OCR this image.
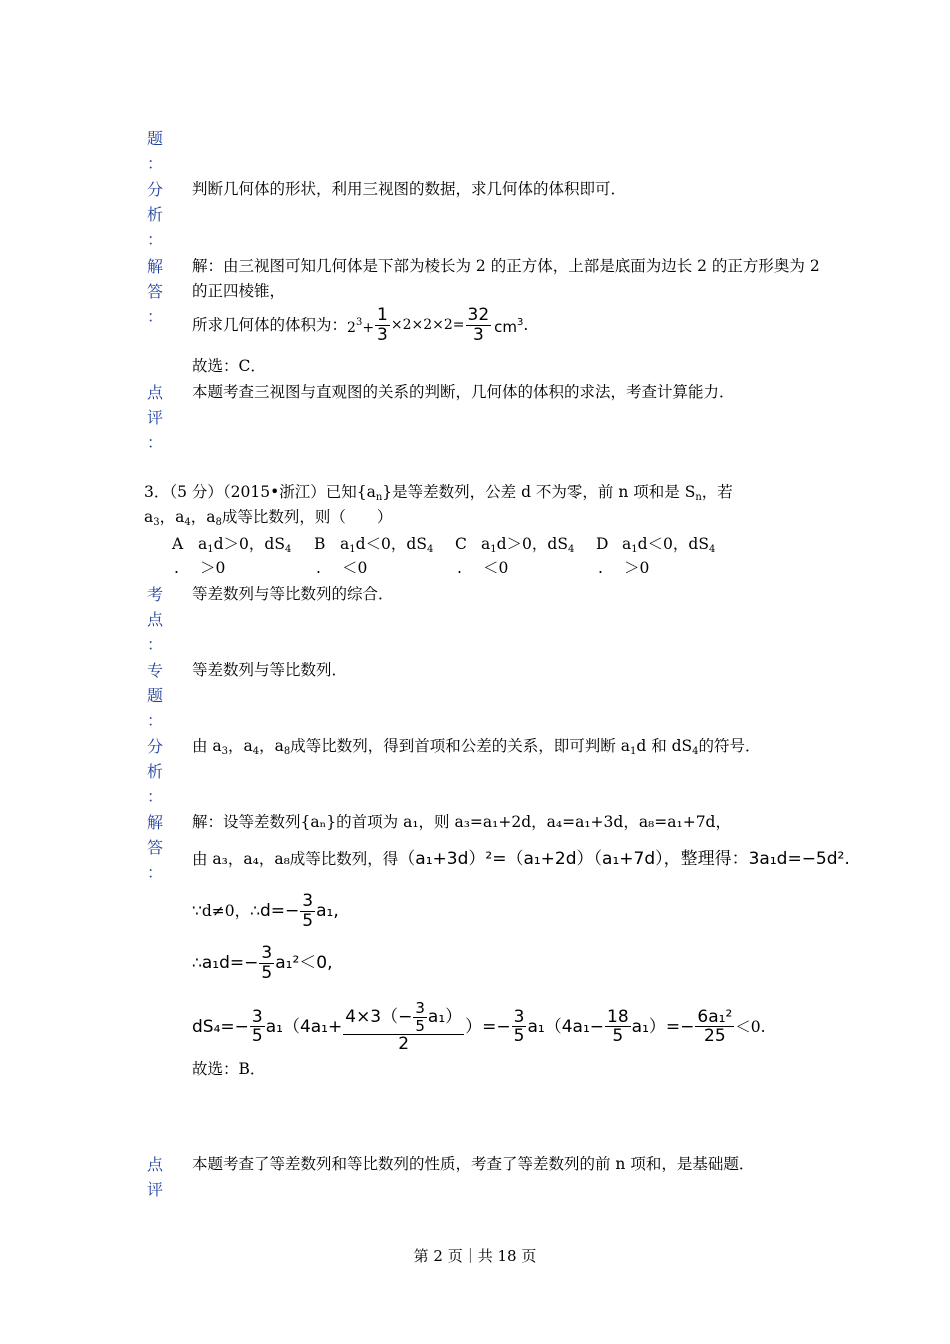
题
：
分
析
：
判断几何体的形状，利用三视图的数据，求几何体的体积即可．
解
答
：
解：由三视图可知几何体是下部为棱长为 2 的正方体，上部是底面为边长 2 的正方形奥为 2
的正四棱锥，
所求几何体的体积为： $2^3+ \frac{1}{3} \times 2\times 2\times 2= \frac{32}{3} cm^3$ .
故选：C．
点
评
：
本题考查三视图与直观图的关系的判断，几何体的体积的求法，考查计算能力．
3．（5 分）（2015•浙江）已知$\{a_n\}$是等差数列，公差 d 不为零，前 n 项和是 $S_n$，若
$a_3$，$a_4$，$a_8$成等比数列，则（　　）
A $a_1d>0$，$dS_4$
. ＞0
B $a_1d<0$，$dS_4$
. ＜0
C $a_1d>0$，$dS_4$
. ＜0
D $a_1d<0$，$dS_4$
. ＞0
考
点
：
等差数列与等比数列的综合．
专
题
：
等差数列与等比数列．
分
析
：
由 $a_3$，$a_4$，$a_8$成等比数列，得到首项和公差的关系，即可判断 $a_1d$ 和 $dS_4$的符号．
解
答
：
解：设等差数列{aₙ}的首项为 a₁，则 a₃=a₁+2d，a₄=a₁+3d，a₈=a₁+7d，
由 a₃，a₄，a₈成等比数列，得（a₁+3d）²=（a₁+2d）（a₁+7d），整理得：3a₁d=−5d².
∵d≠0，∴ $d=- \frac{3}{5} a_1$,
∴ $a_1d=- \frac{3}{5} a_1^2<0$,
$dS_4=- \frac{3}{5} a_1(4a_1+ \frac{4\times 3(- \frac{3}{5} a_1)}{2}$ ）=− $\frac{3}{5} a_1(4a_1- \frac{18}{5} a_1)=- \frac{\text{6a₁²}}{25} <0$.
故选：B．
点
评
本题考查了等差数列和等比数列的性质，考查了等差数列的前 n 项和，是基础题．
第 2 页｜共 18 页
